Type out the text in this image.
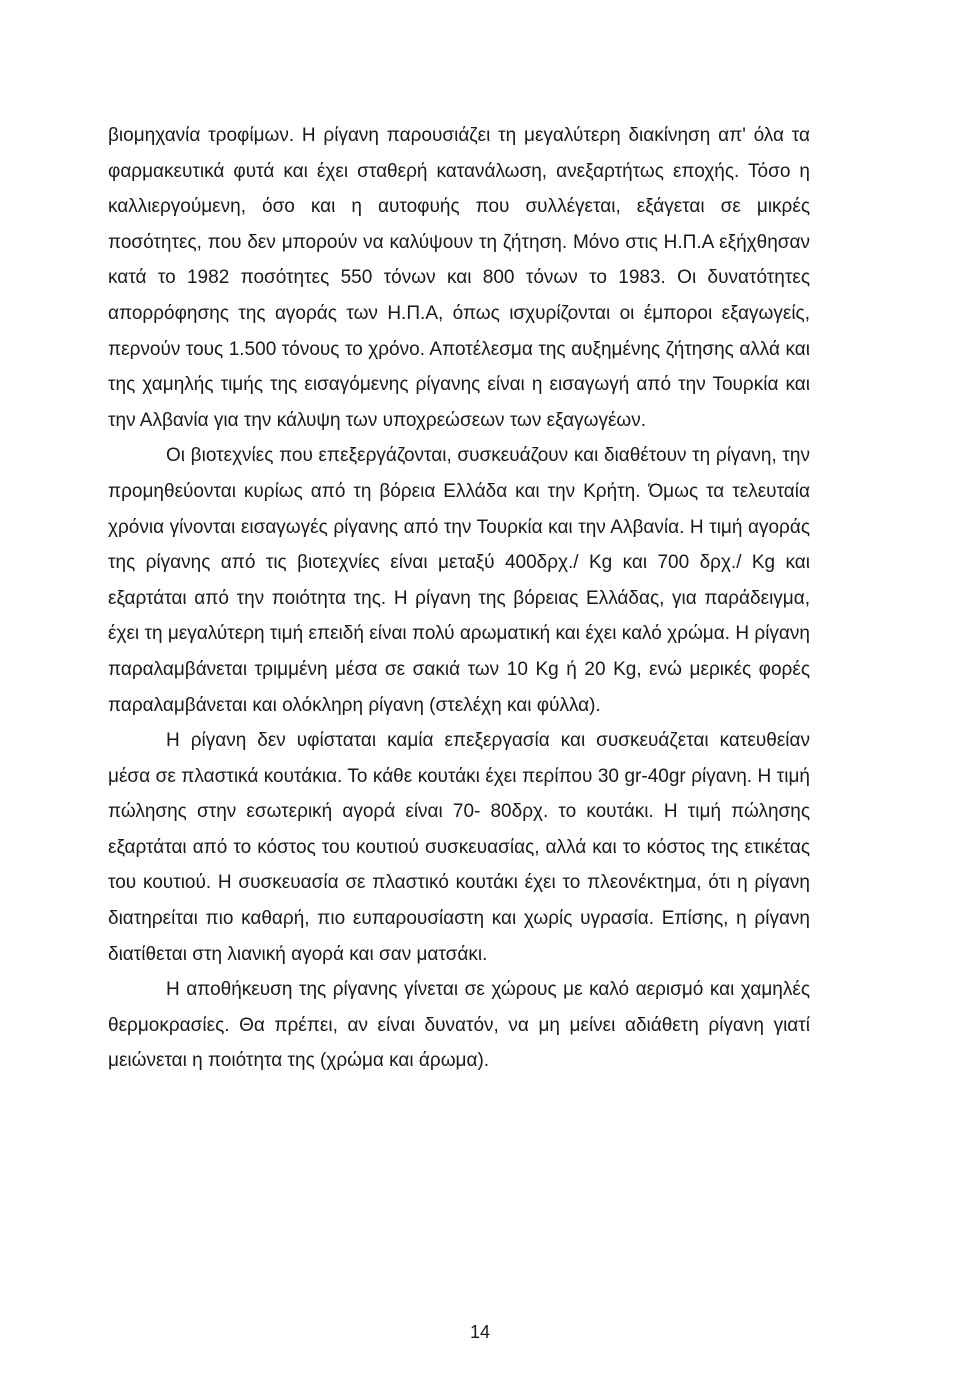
βιομηχανία τροφίμων. Η ρίγανη παρουσιάζει τη μεγαλύτερη διακίνηση απ' όλα τα φαρμακευτικά φυτά και έχει σταθερή κατανάλωση, ανεξαρτήτως εποχής. Τόσο η καλλιεργούμενη, όσο και η αυτοφυής που συλλέγεται, εξάγεται σε μικρές ποσότητες, που δεν μπορούν να καλύψουν τη ζήτηση. Μόνο στις Η.Π.Α εξήχθησαν κατά το 1982 ποσότητες 550 τόνων και 800 τόνων το 1983. Οι δυνατότητες απορρόφησης της αγοράς των Η.Π.Α, όπως ισχυρίζονται οι έμποροι εξαγωγείς, περνούν τους 1.500 τόνους το χρόνο. Αποτέλεσμα της αυξημένης ζήτησης αλλά και της χαμηλής τιμής της εισαγόμενης ρίγανης είναι η εισαγωγή από την Τουρκία και την Αλβανία για την κάλυψη των υποχρεώσεων των εξαγωγέων.

Οι βιοτεχνίες που επεξεργάζονται, συσκευάζουν και διαθέτουν τη ρίγανη, την προμηθεύονται κυρίως από τη βόρεια Ελλάδα και την Κρήτη. Όμως τα τελευταία χρόνια γίνονται εισαγωγές ρίγανης από την Τουρκία και την Αλβανία. Η τιμή αγοράς της ρίγανης από τις βιοτεχνίες είναι μεταξύ 400δρχ./ Kg και 700 δρχ./ Kg και εξαρτάται από την ποιότητα της. Η ρίγανη της βόρειας Ελλάδας, για παράδειγμα, έχει τη μεγαλύτερη τιμή επειδή είναι πολύ αρωματική και έχει καλό χρώμα. Η ρίγανη παραλαμβάνεται τριμμένη μέσα σε σακιά των 10 Kg ή 20 Kg, ενώ μερικές φορές παραλαμβάνεται και ολόκληρη ρίγανη (στελέχη και φύλλα).

Η ρίγανη δεν υφίσταται καμία επεξεργασία και συσκευάζεται κατευθείαν μέσα σε πλαστικά κουτάκια. Το κάθε κουτάκι έχει περίπου 30 gr-40gr ρίγανη. Η τιμή πώλησης στην εσωτερική αγορά είναι 70- 80δρχ. το κουτάκι. Η τιμή πώλησης εξαρτάται από το κόστος του κουτιού συσκευασίας, αλλά και το κόστος της ετικέτας του κουτιού. Η συσκευασία σε πλαστικό κουτάκι έχει το πλεονέκτημα, ότι η ρίγανη διατηρείται πιο καθαρή, πιο ευπαρουσίαστη και χωρίς υγρασία. Επίσης, η ρίγανη διατίθεται στη λιανική αγορά και σαν ματσάκι.

Η αποθήκευση της ρίγανης γίνεται σε χώρους με καλό αερισμό και χαμηλές θερμοκρασίες. Θα πρέπει, αν είναι δυνατόν, να μη μείνει αδιάθετη ρίγανη γιατί μειώνεται η ποιότητα της (χρώμα και άρωμα).

14
